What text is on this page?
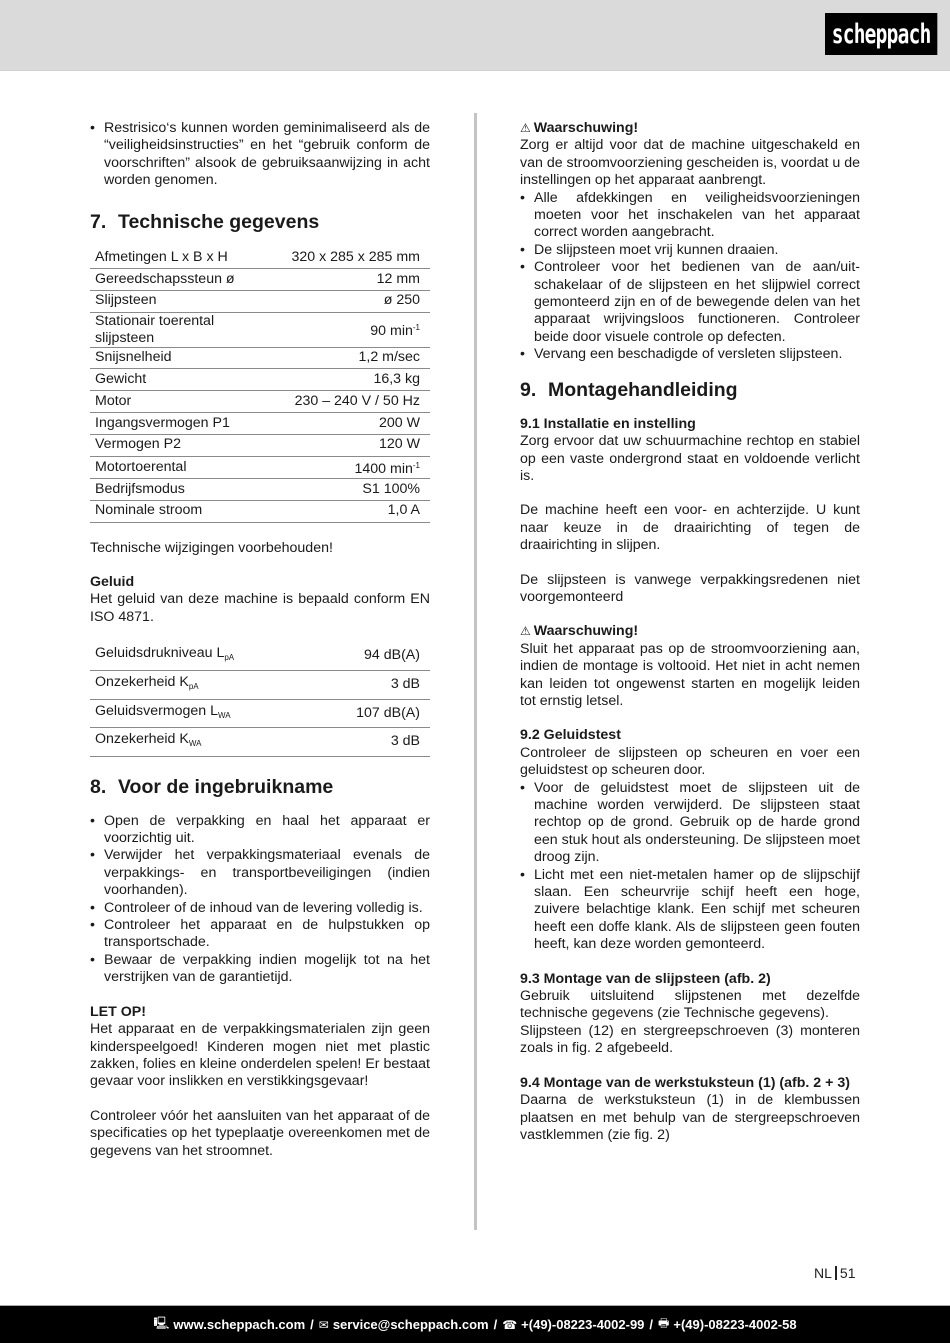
scheppach
• Restrisico‘s kunnen worden geminimaliseerd als de “veiligheidsinstructies” en het “gebruik conform de voorschriften” alsook de gebruiksaanwijzing in acht worden genomen.
7. Technische gegevens
Afmetingen L x B x H	320 x 285 x 285 mm
Gereedschapssteun ø	12 mm
Slijpsteen	ø 250
Stationair toerental slijpsteen	90 $\min^{-1}$
Snijsnelheid	1,2 m/sec
Gewicht	16,3 kg
Motor	230 – 240 V / 50 Hz
Ingangsvermogen P1	200 W
Vermogen P2	120 W
Motortoerental	1400 $\min^{-1}$
Bedrijfsmodus	S1 100%
Nominale stroom	1,0 A

Technische wijzigingen voorbehouden!

Geluid

Het geluid van deze machine is bepaald conform EN ISO 4871.

Geluidsdrukniveau $L_{pA}$	94 dB(A)
Onzekerheid $K_{pA}$	3 dB
Geluidsvermogen $L_{WA}$	107 dB(A)
Onzekerheid $K_{WA}$	3 dB
8. Voor de ingebruikname
• Open de verpakking en haal het apparaat er voorzichtig uit.
• Verwijder het verpakkingsmateriaal evenals de verpakkings- en transportbeveiligingen (indien voorhanden).
• Controleer of de inhoud van de levering volledig is.
• Controleer het apparaat en de hulpstukken op transportschade.
• Bewaar de verpakking indien mogelijk tot na het verstrijken van de garantietijd.
LET OP!

Het apparaat en de verpakkingsmaterialen zijn geen kinderspeelgoed! Kinderen mogen niet met plastic zakken, folies en kleine onderdelen spelen! Er bestaat gevaar voor inslikken en verstikkingsgevaar!

Controleer vóór het aansluiten van het apparaat of de specificaties op het typeplaatje overeenkomen met de gegevens van het stroomnet.

⚠ Waarschuwing!

Zorg er altijd voor dat de machine uitgeschakeld en van de stroomvoorziening gescheiden is, voordat u de instellingen op het apparaat aanbrengt.

• Alle afdekkingen en veiligheidsvoorzieningen moeten voor het inschakelen van het apparaat correct worden aangebracht.
• De slijpsteen moet vrij kunnen draaien.
• Controleer voor het bedienen van de aan/uit-schakelaar of de slijpsteen en het slijpwiel correct gemonteerd zijn en of de bewegende delen van het apparaat wrijvingsloos functioneren. Controleer beide door visuele controle op defecten.
• Vervang een beschadigde of versleten slijpsteen.
9. Montagehandleiding
9.1 Installatie en instelling

Zorg ervoor dat uw schuurmachine rechtop en stabiel op een vaste ondergrond staat en voldoende verlicht is.

De machine heeft een voor- en achterzijde. U kunt naar keuze in de draairichting of tegen de draairichting in slijpen.

De slijpsteen is vanwege verpakkingsredenen niet voorgemonteerd

⚠ Waarschuwing!

Sluit het apparaat pas op de stroomvoorziening aan, indien de montage is voltooid. Het niet in acht nemen kan leiden tot ongewenst starten en mogelijk leiden tot ernstig letsel.

9.2 Geluidstest

Controleer de slijpsteen op scheuren en voer een geluidstest op scheuren door.

• Voor de geluidstest moet de slijpsteen uit de machine worden verwijderd. De slijpsteen staat rechtop op de grond. Gebruik op de harde grond een stuk hout als ondersteuning. De slijpsteen moet droog zijn.
• Licht met een niet-metalen hamer op de slijpschijf slaan. Een scheurvrije schijf heeft een hoge, zuivere belachtige klank. Een schijf met scheuren heeft een doffe klank. Als de slijpsteen geen fouten heeft, kan deze worden gemonteerd.
9.3 Montage van de slijpsteen (afb. 2)

Gebruik uitsluitend slijpstenen met dezelfde technische gegevens (zie Technische gegevens).

Slijpsteen (12) en stergreepschroeven (3) monteren zoals in fig. 2 afgebeeld.

9.4 Montage van de werkstuksteun (1) (afb. 2 + 3)

Daarna de werkstuksteun (1) in de klembussen plaatsen en met behulp van de stergreepschroeven vastklemmen (zie fig. 2)

NL 51
🖳 www.scheppach.com / ✉ service@scheppach.com / ☎ +(49)-08223-4002-99 / 🖶 +(49)-08223-4002-58
